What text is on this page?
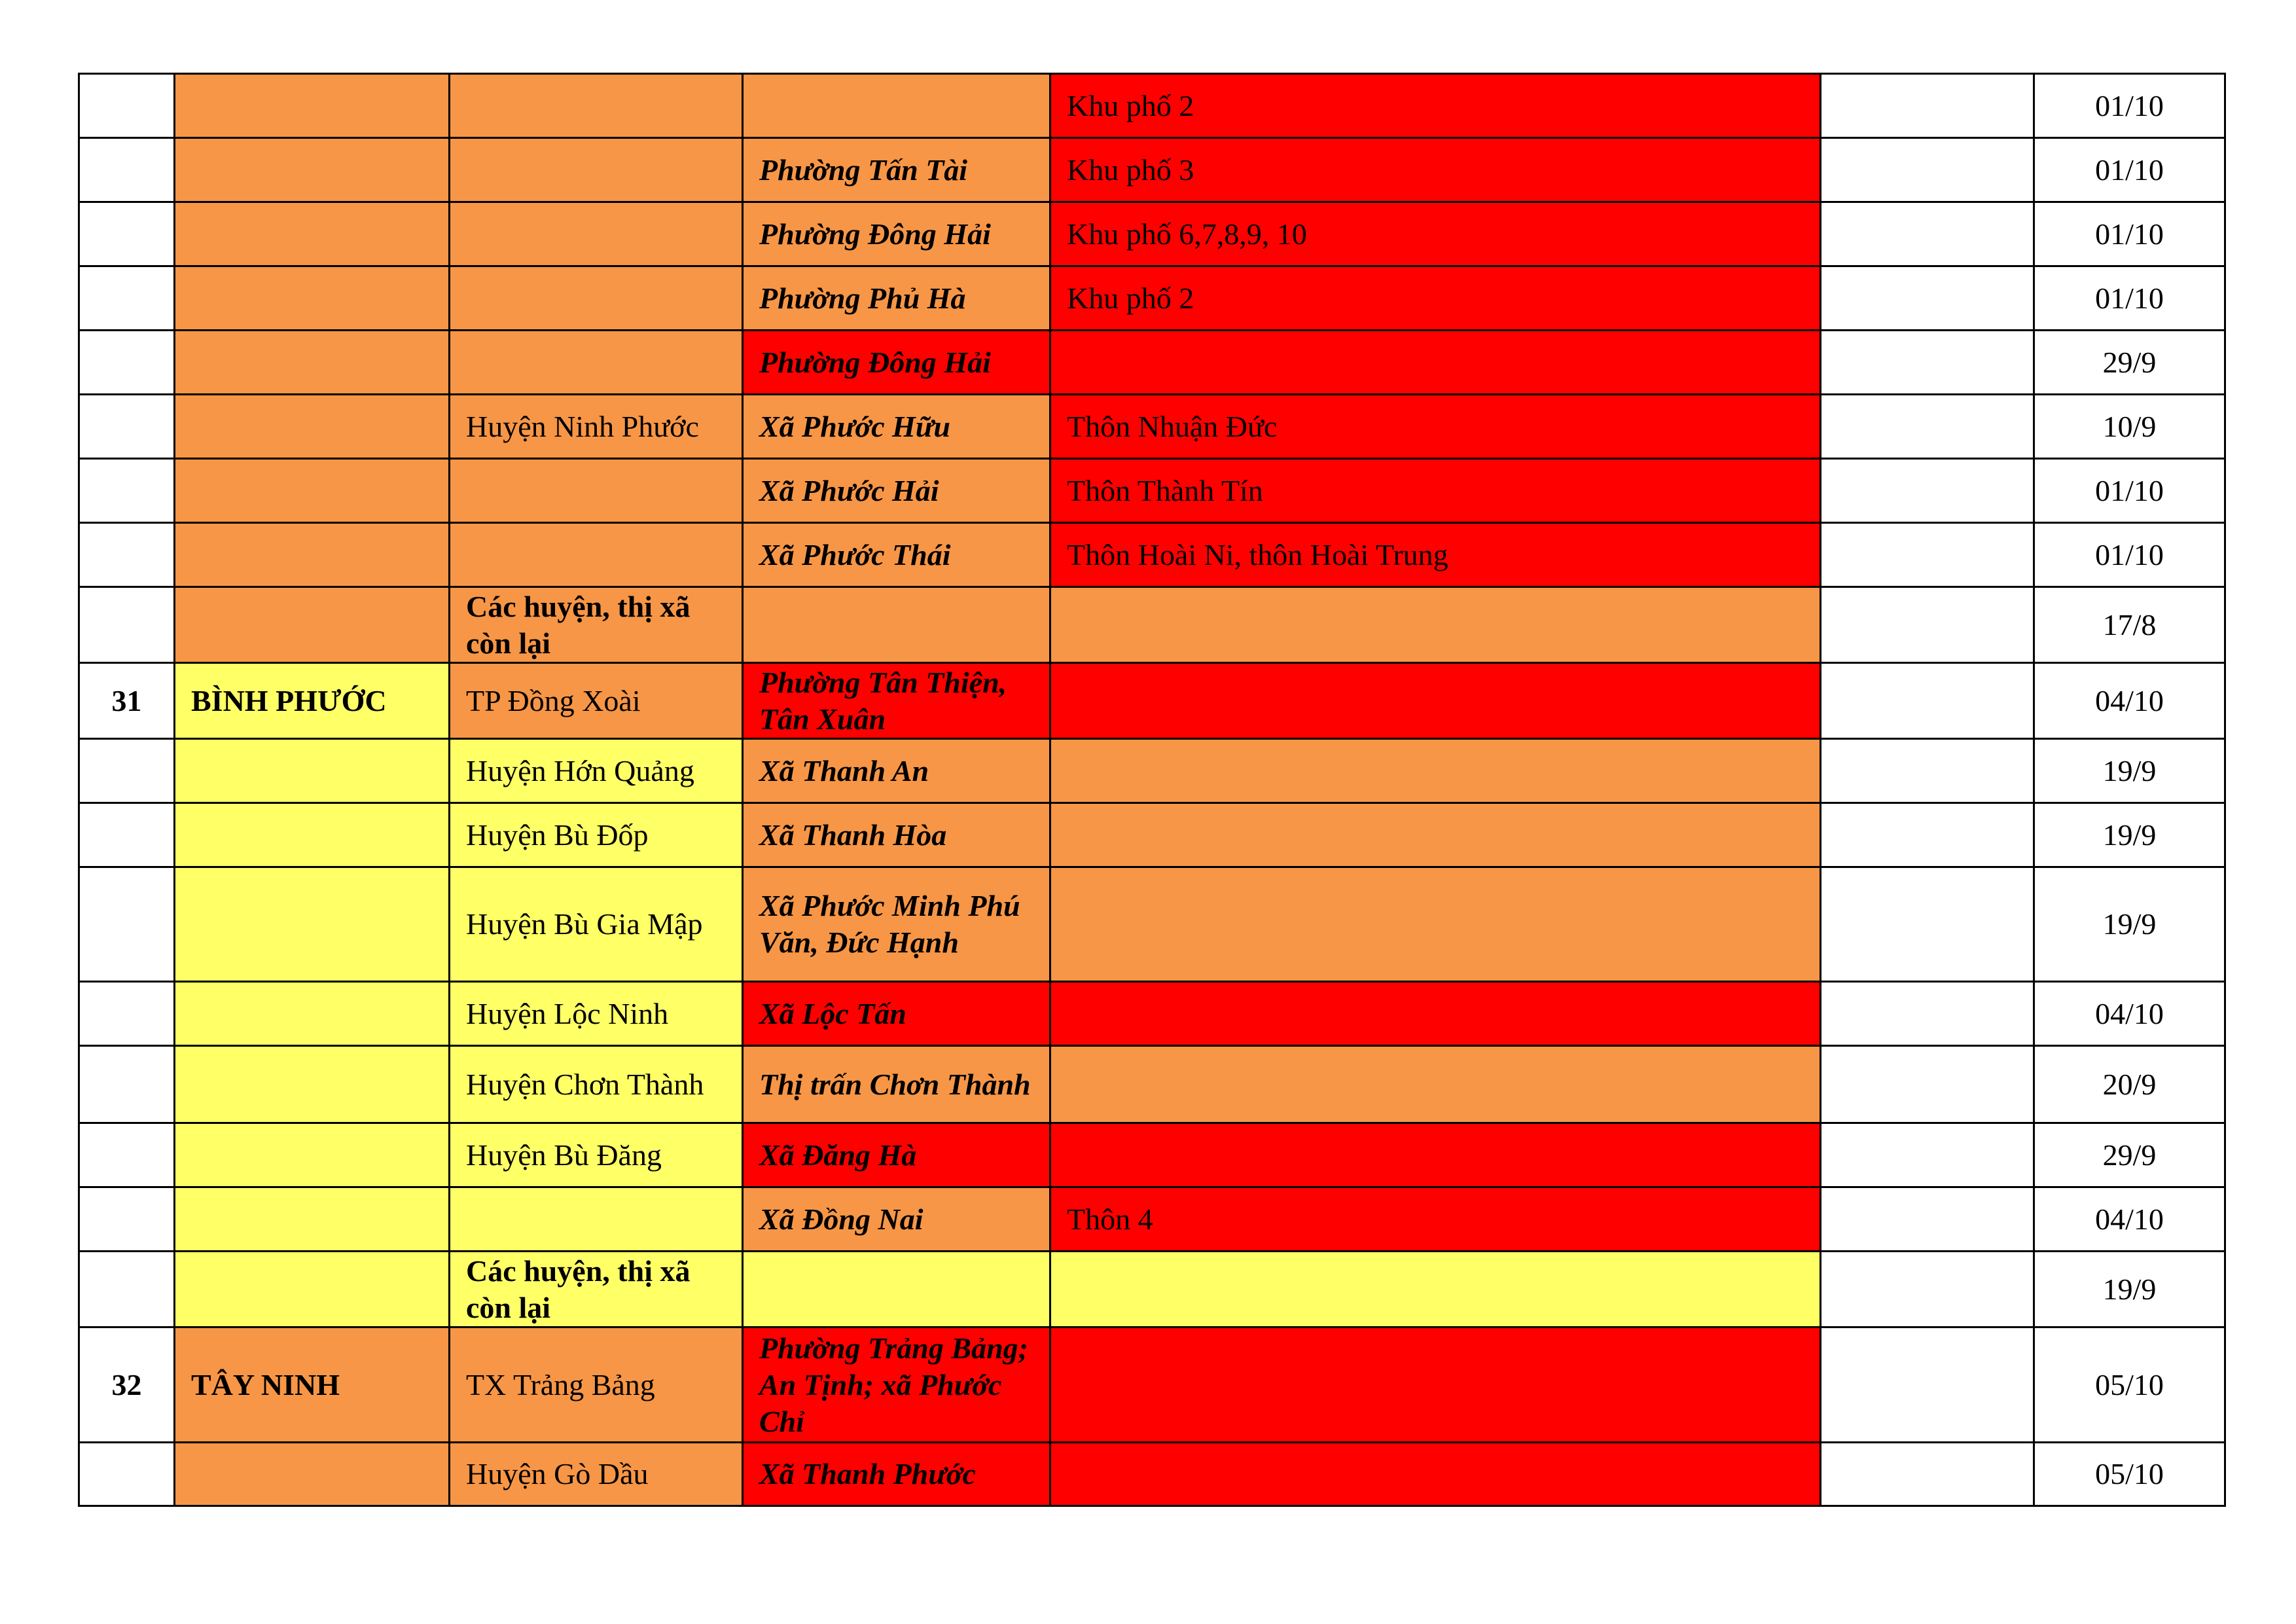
				Khu phố 2		01/10
			Phường Tấn Tài	Khu phố 3		01/10
			Phường Đông Hải	Khu phố 6,7,8,9, 10		01/10
			Phường Phủ Hà	Khu phố 2		01/10
			Phường Đông Hải			29/9
		Huyện Ninh Phước	Xã Phước Hữu	Thôn Nhuận Đức		10/9
			Xã Phước Hải	Thôn Thành Tín		01/10
			Xã Phước Thái	Thôn Hoài Ni, thôn Hoài Trung		01/10
		Các huyện, thị xã còn lại				17/8
31	BÌNH PHƯỚC	TP Đồng Xoài	Phường Tân Thiện, Tân Xuân			04/10
		Huyện Hớn Quảng	Xã Thanh An			19/9
		Huyện Bù Đốp	Xã Thanh Hòa			19/9
		Huyện Bù Gia Mập	Xã Phước Minh Phú Văn, Đức Hạnh			19/9
		Huyện Lộc Ninh	Xã Lộc Tấn			04/10
		Huyện Chơn Thành	Thị trấn Chơn Thành			20/9
		Huyện Bù Đăng	Xã Đăng Hà			29/9
			Xã Đồng Nai	Thôn 4		04/10
		Các huyện, thị xã còn lại				19/9
32	TÂY NINH	TX Trảng Bảng	Phường Trảng Bảng; An Tịnh; xã Phước Chỉ			05/10
		Huyện Gò Dầu	Xã Thanh Phước			05/10
